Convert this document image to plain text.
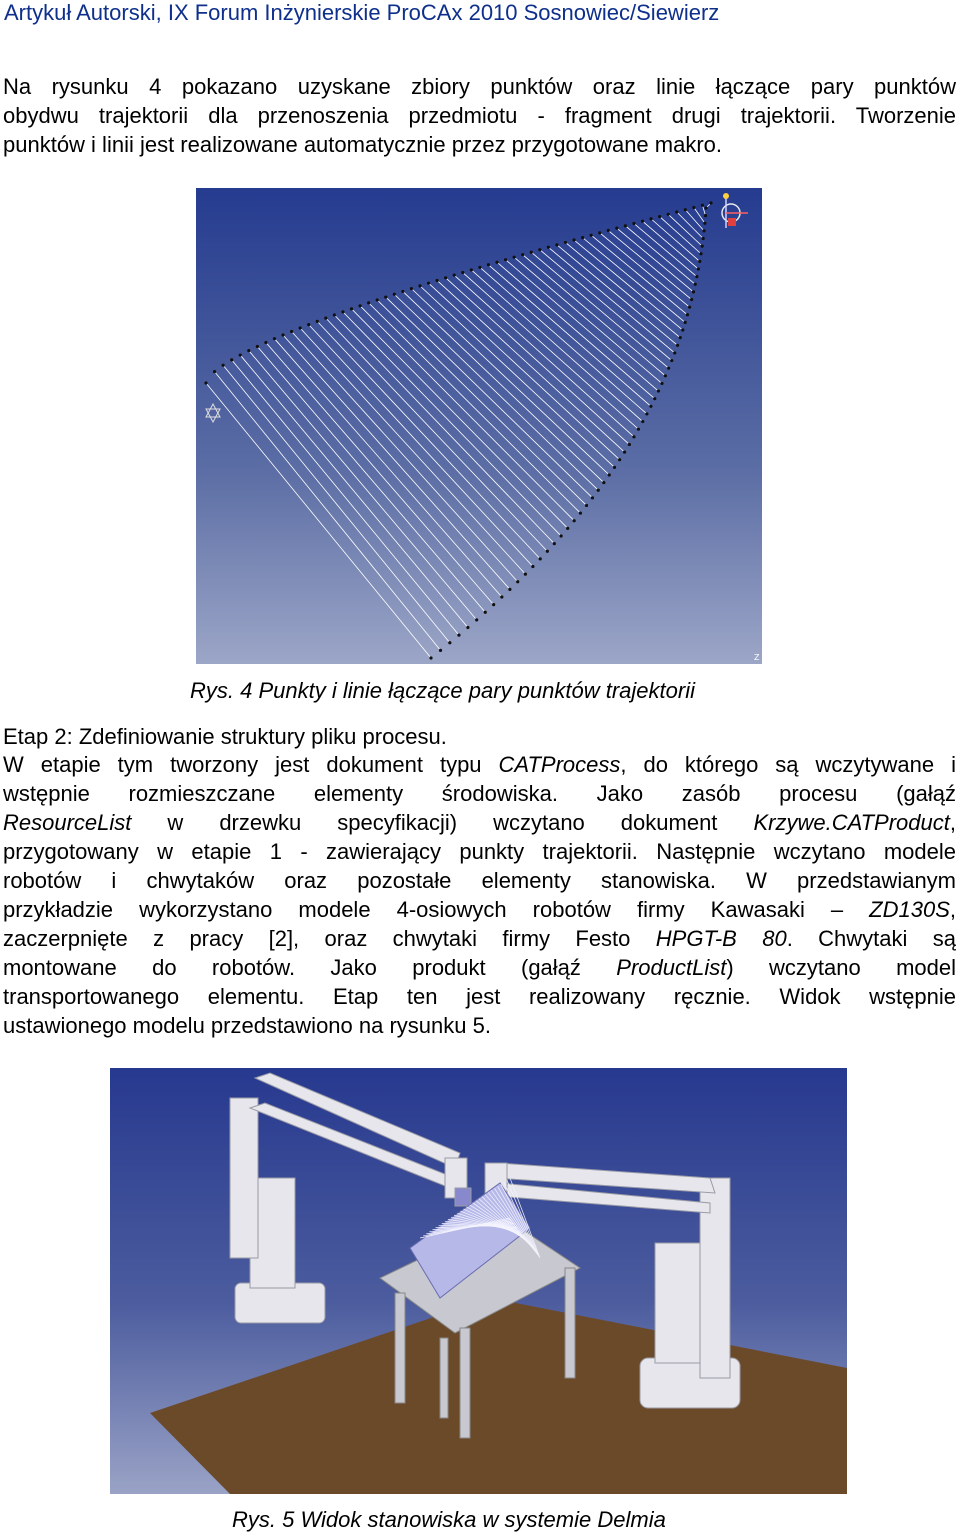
Artykuł Autorski, IX Forum Inżynierskie ProCAx 2010 Sosnowiec/Siewierz
Na rysunku 4 pokazano uzyskane zbiory punktów oraz linie łączące pary punktów
obydwu trajektorii dla przenoszenia przedmiotu - fragment drugi trajektorii. Tworzenie
punktów i linii jest realizowane automatycznie przez przygotowane makro.
Z
Rys. 4 Punkty i linie łączące pary punktów trajektorii
Etap 2: Zdefiniowanie struktury pliku procesu.
W etapie tym tworzony jest dokument typu CATProcess, do którego są wczytywane i
wstępnie rozmieszczane elementy środowiska. Jako zasób procesu (gałąź
ResourceList w drzewku specyfikacji) wczytano dokument Krzywe.CATProduct,
przygotowany w etapie 1 - zawierający punkty trajektorii. Następnie wczytano modele
robotów i chwytaków oraz pozostałe elementy stanowiska. W przedstawianym
przykładzie wykorzystano modele 4-osiowych robotów firmy Kawasaki – ZD130S,
zaczerpnięte z pracy [2], oraz chwytaki firmy Festo HPGT-B 80. Chwytaki są
montowane do robotów. Jako produkt (gałąź ProductList) wczytano model
transportowanego elementu. Etap ten jest realizowany ręcznie. Widok wstępnie
ustawionego modelu przedstawiono na rysunku 5.
Rys. 5 Widok stanowiska w systemie Delmia
